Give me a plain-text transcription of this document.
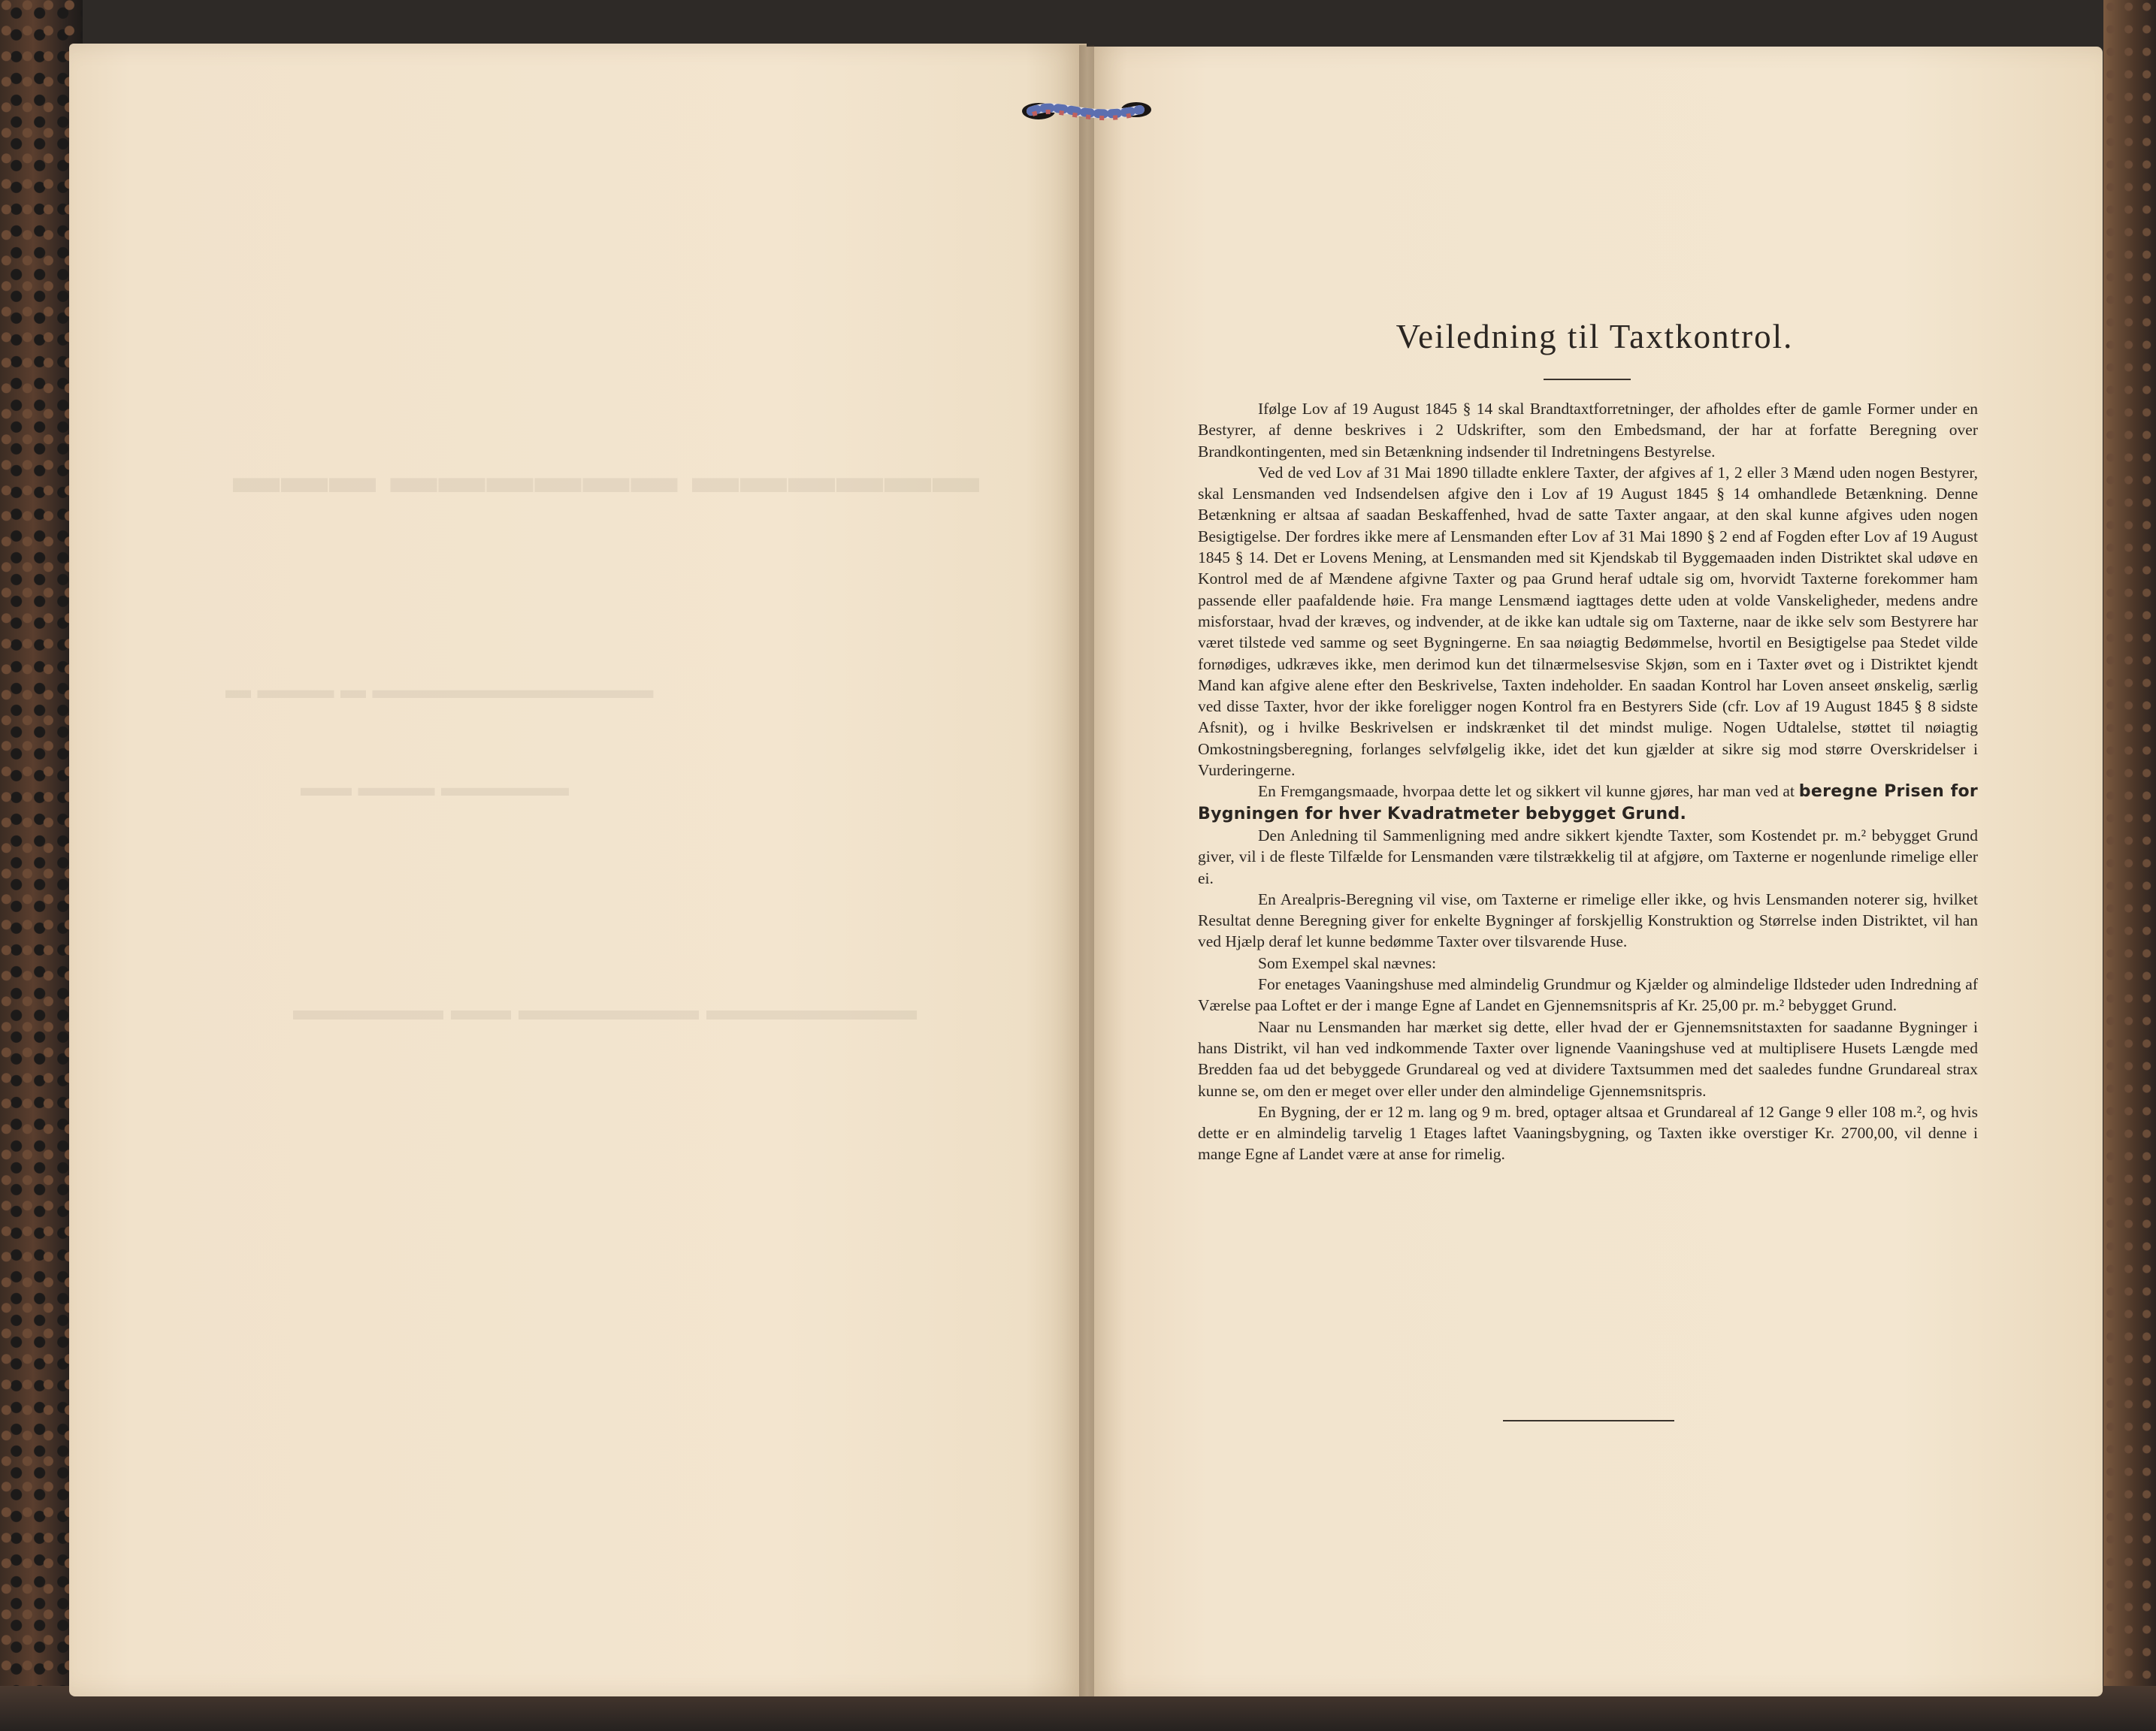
▬▬▬ ▬▬▬▬▬▬ ▬▬▬▬▬▬
▬ ▬▬▬ ▬ ▬▬▬▬▬▬▬▬▬▬▬
▬▬ ▬▬▬ ▬▬▬▬▬
▬▬▬▬▬ ▬▬ ▬▬▬▬▬▬ ▬▬▬▬▬▬▬
Veiledning til Taxtkontrol.

Ifølge Lov af 19 August 1845 § 14 skal Brandtaxtforretninger, der afholdes efter de gamle Former under en Bestyrer, af denne beskrives i 2 Udskrifter, som den Embedsmand, der har at forfatte Beregning over Brandkontingenten, med sin Betænkning indsender til Indretningens Bestyrelse.

Ved de ved Lov af 31 Mai 1890 tilladte enklere Taxter, der afgives af 1, 2 eller 3 Mænd uden nogen Bestyrer, skal Lensmanden ved Indsendelsen afgive den i Lov af 19 August 1845 § 14 omhandlede Betænkning. Denne Betænkning er altsaa af saadan Beskaffenhed, hvad de satte Taxter angaar, at den skal kunne afgives uden nogen Besigtigelse. Der fordres ikke mere af Lensmanden efter Lov af 31 Mai 1890 § 2 end af Fogden efter Lov af 19 August 1845 § 14. Det er Lovens Mening, at Lensmanden med sit Kjendskab til Byggemaaden inden Distriktet skal udøve en Kontrol med de af Mændene afgivne Taxter og paa Grund heraf udtale sig om, hvorvidt Taxterne forekommer ham passende eller paafaldende høie. Fra mange Lensmænd iagttages dette uden at volde Vanskeligheder, medens andre misforstaar, hvad der kræves, og indvender, at de ikke kan udtale sig om Taxterne, naar de ikke selv som Bestyrere har været tilstede ved samme og seet Bygningerne. En saa nøiagtig Bedømmelse, hvortil en Besigtigelse paa Stedet vilde fornødiges, udkræves ikke, men derimod kun det tilnærmelsesvise Skjøn, som en i Taxter øvet og i Distriktet kjendt Mand kan afgive alene efter den Beskrivelse, Taxten indeholder. En saadan Kontrol har Loven anseet ønskelig, særlig ved disse Taxter, hvor der ikke foreligger nogen Kontrol fra en Bestyrers Side (cfr. Lov af 19 August 1845 § 8 sidste Afsnit), og i hvilke Beskrivelsen er indskrænket til det mindst mulige. Nogen Udtalelse, støttet til nøiagtig Omkostningsberegning, forlanges selvfølgelig ikke, idet det kun gjælder at sikre sig mod større Overskridelser i Vurderingerne.

En Fremgangsmaade, hvorpaa dette let og sikkert vil kunne gjøres, har man ved at beregne Prisen for Bygningen for hver Kvadratmeter bebygget Grund.

Den Anledning til Sammenligning med andre sikkert kjendte Taxter, som Kostendet pr. m.² bebygget Grund giver, vil i de fleste Tilfælde for Lensmanden være tilstrækkelig til at afgjøre, om Taxterne er nogenlunde rimelige eller ei.

En Arealpris-Beregning vil vise, om Taxterne er rimelige eller ikke, og hvis Lensmanden noterer sig, hvilket Resultat denne Beregning giver for enkelte Bygninger af forskjellig Konstruktion og Størrelse inden Distriktet, vil han ved Hjælp deraf let kunne bedømme Taxter over tilsvarende Huse.

Som Exempel skal nævnes:

For enetages Vaaningshuse med almindelig Grundmur og Kjælder og almindelige Ildsteder uden Indredning af Værelse paa Loftet er der i mange Egne af Landet en Gjennemsnitspris af Kr. 25,00 pr. m.² bebygget Grund.

Naar nu Lensmanden har mærket sig dette, eller hvad der er Gjennemsnitstaxten for saadanne Bygninger i hans Distrikt, vil han ved indkommende Taxter over lignende Vaaningshuse ved at multiplisere Husets Længde med Bredden faa ud det bebyggede Grundareal og ved at dividere Taxtsummen med det saaledes fundne Grundareal strax kunne se, om den er meget over eller under den almindelige Gjennemsnitspris.

En Bygning, der er 12 m. lang og 9 m. bred, optager altsaa et Grundareal af 12 Gange 9 eller 108 m.², og hvis dette er en almindelig tarvelig 1 Etages laftet Vaaningsbygning, og Taxten ikke overstiger Kr. 2700,00, vil denne i mange Egne af Landet være at anse for rimelig.
